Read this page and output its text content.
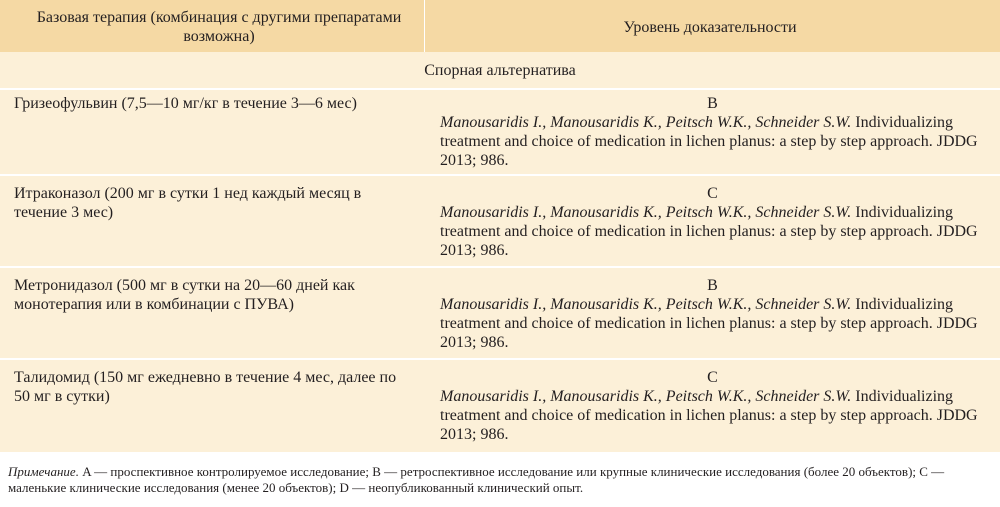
Базовая терапия (комбинация с другими препаратами возможна)
Уровень доказательности
Спорная альтернатива
Гризеофульвин (7,5—10 мг/кг в течение 3—6 мес)	B
Manousaridis I., Manousaridis K., Peitsch W.K., Schneider S.W. Individualizing treatment and choice of medication in lichen planus: a step by step approach. JDDG 2013; 986.
Итраконазол (200 мг в сутки 1 нед каждый месяц в течение 3 мес)
C
Manousaridis I., Manousaridis K., Peitsch W.K., Schneider S.W. Individualizing treatment and choice of medication in lichen planus: a step by step approach. JDDG 2013; 986.
Метронидазол (500 мг в сутки на 20—60 дней как монотерапия или в комбинации с ПУВА)
B
Manousaridis I., Manousaridis K., Peitsch W.K., Schneider S.W. Individualizing treatment and choice of medication in lichen planus: a step by step approach. JDDG 2013; 986.
Талидомид (150 мг ежедневно в течение 4 мес, далее по 50 мг в сутки)
C
Manousaridis I., Manousaridis K., Peitsch W.K., Schneider S.W. Individualizing treatment and choice of medication in lichen planus: a step by step approach. JDDG 2013; 986.
Примечание. A — проспективное контролируемое исследование; B — ретроспективное исследование или крупные клинические исследования (более 20 объектов); C — маленькие клинические исследования (менее 20 объектов); D — неопубликованный клинический опыт.
